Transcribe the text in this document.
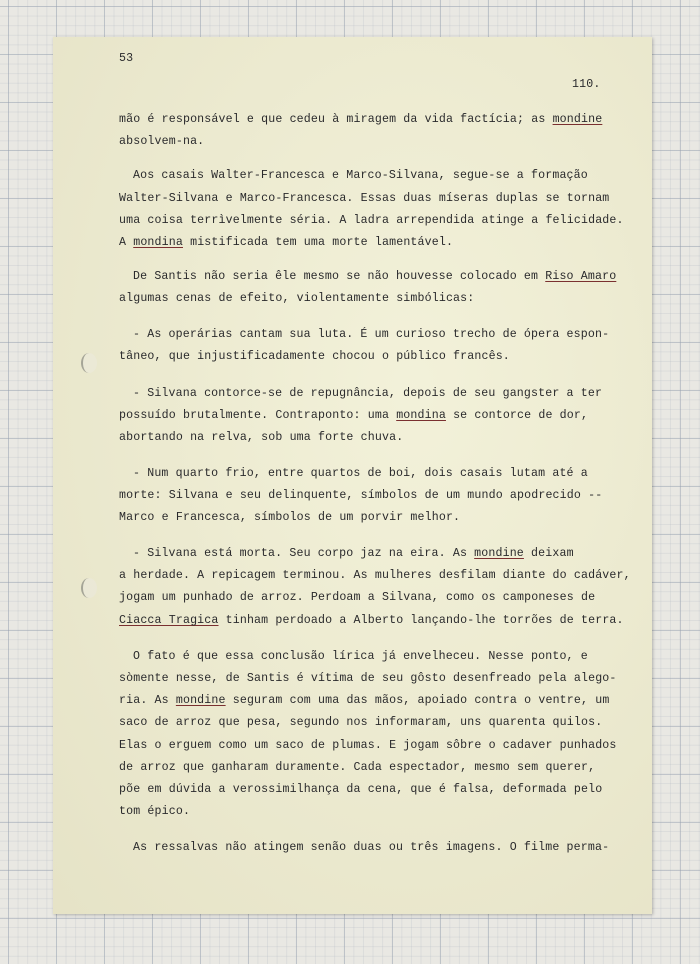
53
110.
mão é responsável e que cedeu à miragem da vida factícia; as mondine
absolvem-na.
Aos casais Walter-Francesca e Marco-Silvana, segue-se a formação
Walter-Silvana e Marco-Francesca. Essas duas míseras duplas se tornam
uma coisa terrìvelmente séria. A ladra arrependida atinge a felicidade.
A mondina mistificada tem uma morte lamentável.
De Santis não seria êle mesmo se não houvesse colocado em Riso Amaro
algumas cenas de efeito, violentamente simbólicas:
- As operárias cantam sua luta. É um curioso trecho de ópera espon-
tâneo, que injustificadamente chocou o público francês.
- Silvana contorce-se de repugnância, depois de seu gangster a ter
possuído brutalmente. Contraponto: uma mondina se contorce de dor,
abortando na relva, sob uma forte chuva.
- Num quarto frio, entre quartos de boi, dois casais lutam até a
morte: Silvana e seu delinquente, símbolos de um mundo apodrecido --
Marco e Francesca, símbolos de um porvir melhor.
- Silvana está morta. Seu corpo jaz na eira. As mondine deixam
a herdade. A repicagem terminou. As mulheres desfilam diante do cadáver,
jogam um punhado de arroz. Perdoam a Silvana, como os camponeses de
Ciacca Tragica tinham perdoado a Alberto lançando-lhe torrões de terra.
O fato é que essa conclusão lírica já envelheceu. Nesse ponto, e
sòmente nesse, de Santis é vítima de seu gôsto desenfreado pela alego-
ria. As mondine seguram com uma das mãos, apoiado contra o ventre, um
saco de arroz que pesa, segundo nos informaram, uns quarenta quilos.
Elas o erguem como um saco de plumas. E jogam sôbre o cadaver punhados
de arroz que ganharam duramente. Cada espectador, mesmo sem querer,
põe em dúvida a verossimilhança da cena, que é falsa, deformada pelo
tom épico.
As ressalvas não atingem senão duas ou três imagens. O filme perma-
